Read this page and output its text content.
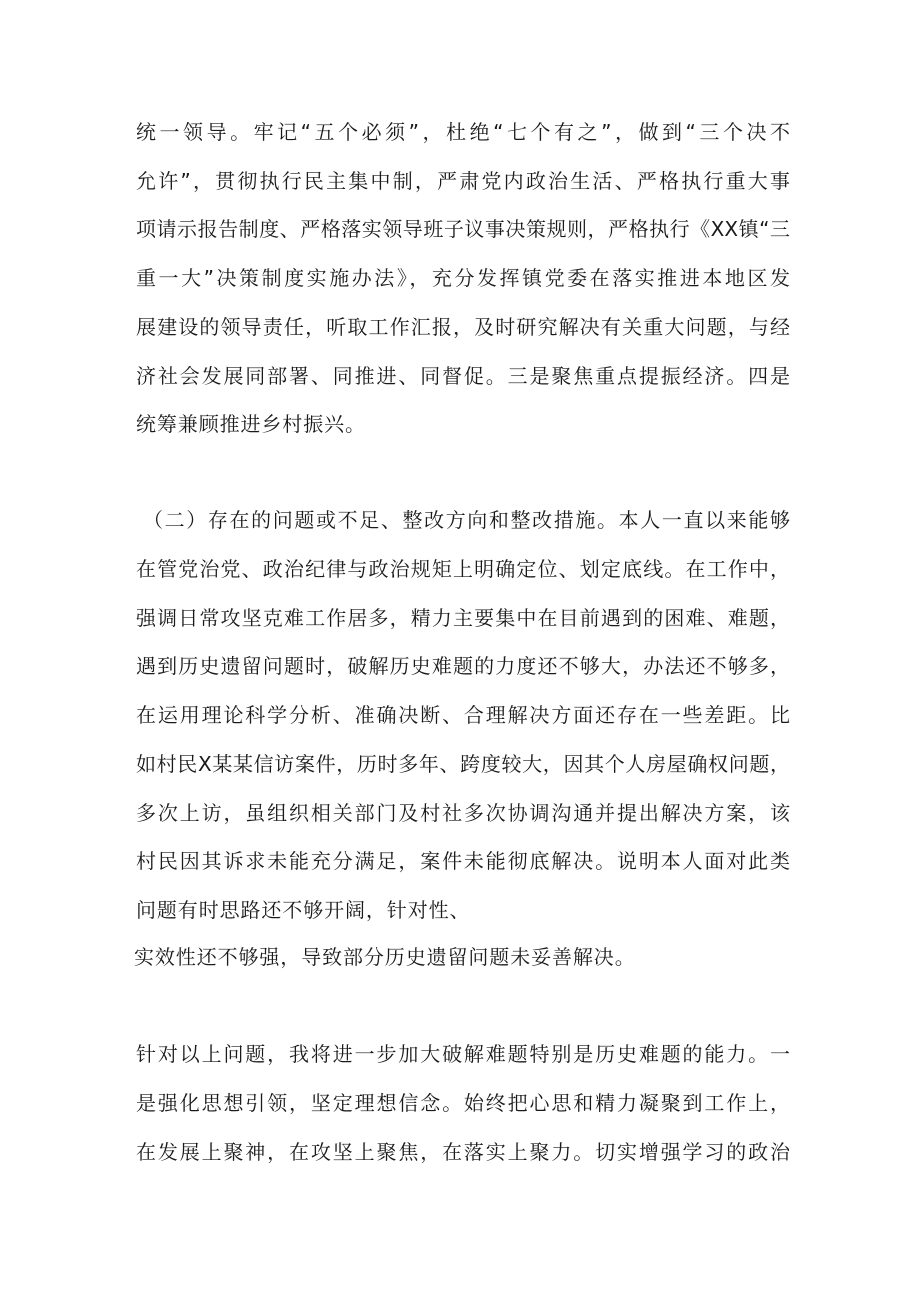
统一领导。牢记“五个必须”，杜绝“七个有之”，做到“三个决不
允许”，贯彻执行民主集中制，严肃党内政治生活、严格执行重大事
项请示报告制度、严格落实领导班子议事决策规则，严格执行《XX镇“三
重一大”决策制度实施办法》，充分发挥镇党委在落实推进本地区发
展建设的领导责任，听取工作汇报，及时研究解决有关重大问题，与经
济社会发展同部署、同推进、同督促。三是聚焦重点提振经济。四是
统筹兼顾推进乡村振兴。
（二）存在的问题或不足、整改方向和整改措施。本人一直以来能够
在管党治党、政治纪律与政治规矩上明确定位、划定底线。在工作中，
强调日常攻坚克难工作居多，精力主要集中在目前遇到的困难、难题，
遇到历史遗留问题时，破解历史难题的力度还不够大，办法还不够多，
在运用理论科学分析、准确决断、合理解决方面还存在一些差距。比
如村民X某某信访案件，历时多年、跨度较大，因其个人房屋确权问题，
多次上访，虽组织相关部门及村社多次协调沟通并提出解决方案，该
村民因其诉求未能充分满足，案件未能彻底解决。说明本人面对此类
问题有时思路还不够开阔，针对性、
实效性还不够强，导致部分历史遗留问题未妥善解决。
针对以上问题，我将进一步加大破解难题特别是历史难题的能力。一
是强化思想引领，坚定理想信念。始终把心思和精力凝聚到工作上，
在发展上聚神，在攻坚上聚焦，在落实上聚力。切实增强学习的政治
